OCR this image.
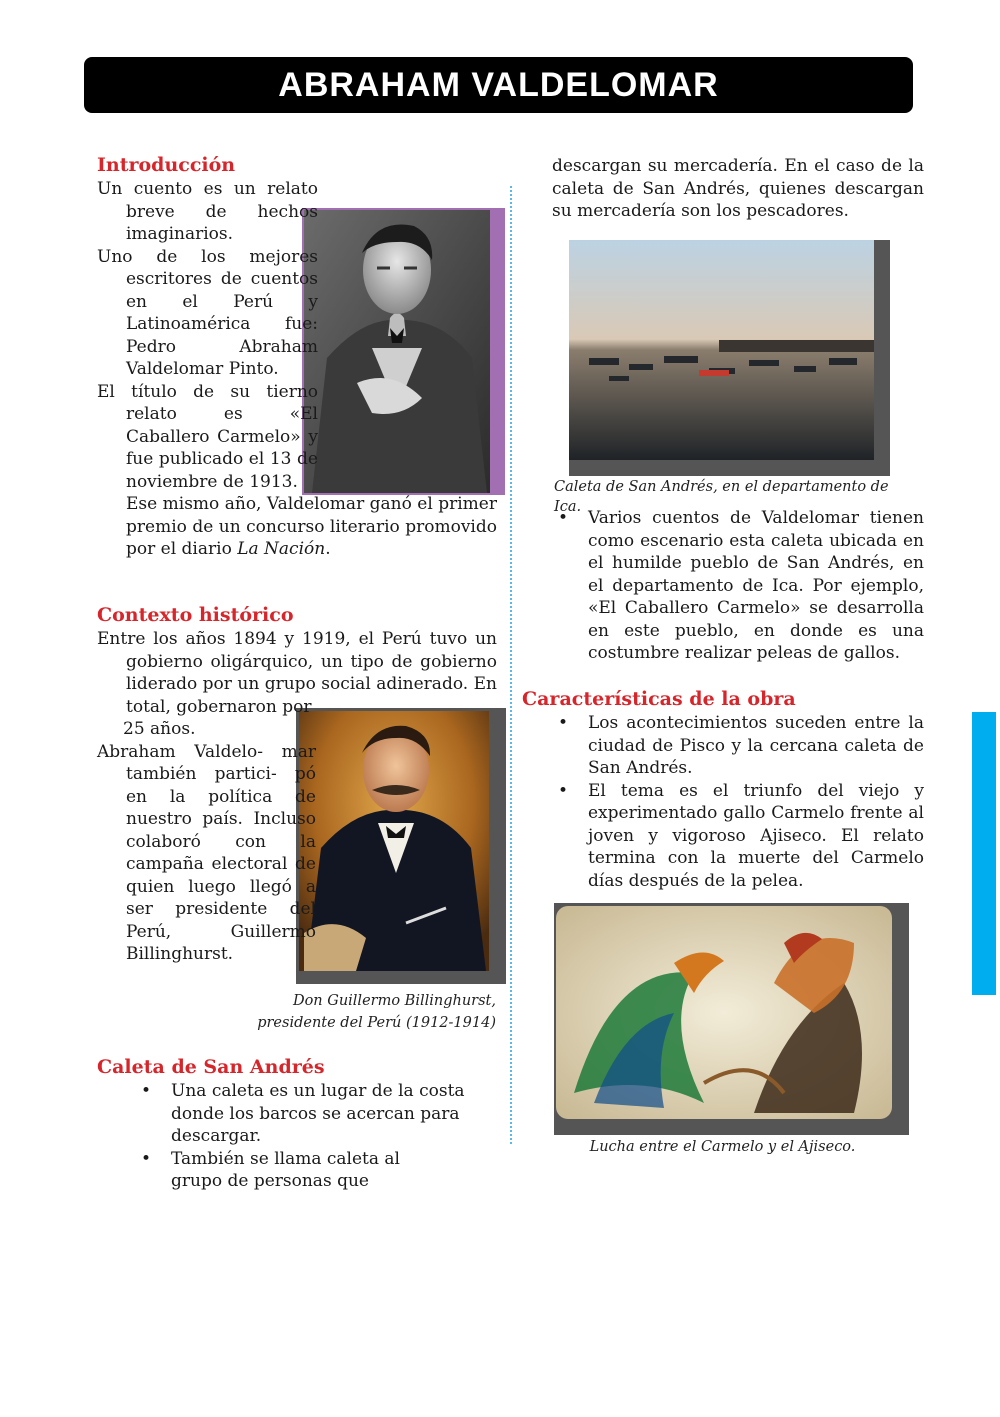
ABRAHAM VALDELOMAR

Introducción

Un cuento es un relato breve de hechos imaginarios.

Uno de los mejores escritores de cuentos en el Perú y Latinoamérica fue: Pedro Abraham Valdelomar Pinto.

El título de su tierno relato es «El Caballero Carmelo» y fue publicado el 13 de noviembre de 1913.

Ese mismo año, Valdelomar ganó el primer premio de un concurso literario promovido por el diario La Nación.

Contexto histórico

Entre los años 1894 y 1919, el Perú tuvo un gobierno oligárquico, un tipo de gobierno liderado por un grupo social adinerado. En total, gobernaron por

25 años.

Abraham Valdelo- mar también partici- pó en la política de nuestro país. Incluso colaboró con la campaña electoral de quien luego llegó a ser presidente del Perú, Guillermo Billinghurst.

Don Guillermo Billinghurst,
presidente del Perú (1912-1914)

Caleta de San Andrés

• Una caleta es un lugar de la costa donde los barcos se acercan para descargar.
• También se llama caleta al grupo de personas que
descargan su mercadería. En el caso de la caleta de San Andrés, quienes descargan su mercadería son los pescadores.
Caleta de San Andrés, en el departamento de Ica.
• Varios cuentos de Valdelomar tienen como escenario esta caleta ubicada en el humilde pueblo de San Andrés, en el departamento de Ica. Por ejemplo, «El Caballero Carmelo» se desarrolla en este pueblo, en donde es una costumbre realizar peleas de gallos.

Características de la obra

• Los acontecimientos suceden entre la ciudad de Pisco y la cercana caleta de San Andrés.
• El tema es el triunfo del viejo y experimentado gallo Carmelo frente al joven y vigoroso Ajiseco. El relato termina con la muerte del Carmelo días después de la pelea.
Lucha entre el Carmelo y el Ajiseco.
